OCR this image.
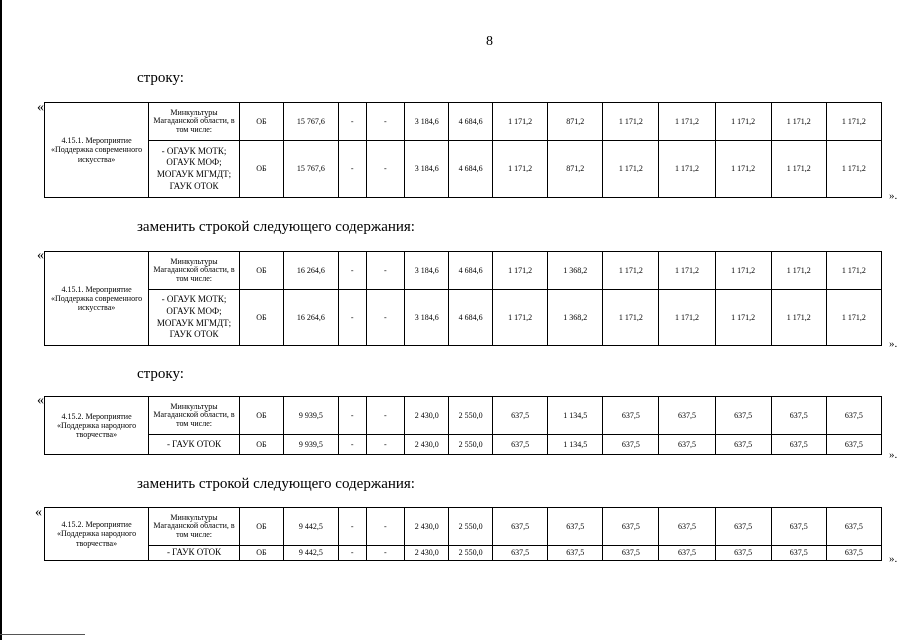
8
строку:
«
4.15.1. Мероприятие «Поддержка современного искусства»	Минкультуры Магаданской области, в том числе:	ОБ	15 767,6	-	-	3 184,6	4 684,6	1 171,2	871,2	1 171,2	1 171,2	1 171,2	1 171,2	1 171,2
	- ОГАУК МОТК; ОГАУК МОФ; МОГАУК МГМДТ; ГАУК ОТОК	ОБ	15 767,6	-	-	3 184,6	4 684,6	1 171,2	871,2	1 171,2	1 171,2	1 171,2	1 171,2	1 171,2
».
заменить строкой следующего содержания:
«
4.15.1. Мероприятие «Поддержка современного искусства»	Минкультуры Магаданской области, в том числе:	ОБ	16 264,6	-	-	3 184,6	4 684,6	1 171,2	1 368,2	1 171,2	1 171,2	1 171,2	1 171,2	1 171,2
	- ОГАУК МОТК; ОГАУК МОФ; МОГАУК МГМДТ; ГАУК ОТОК	ОБ	16 264,6	-	-	3 184,6	4 684,6	1 171,2	1 368,2	1 171,2	1 171,2	1 171,2	1 171,2	1 171,2
».
строку:
«
4.15.2. Мероприятие «Поддержка народного творчества»	Минкультуры Магаданской области, в том числе:	ОБ	9 939,5	-	-	2 430,0	2 550,0	637,5	1 134,5	637,5	637,5	637,5	637,5	637,5
	- ГАУК ОТОК	ОБ	9 939,5	-	-	2 430,0	2 550,0	637,5	1 134,5	637,5	637,5	637,5	637,5	637,5
».
заменить строкой следующего содержания:
«
4.15.2. Мероприятие «Поддержка народного творчества»	Минкультуры Магаданской области, в том числе:	ОБ	9 442,5	-	-	2 430,0	2 550,0	637,5	637,5	637,5	637,5	637,5	637,5	637,5
	- ГАУК ОТОК	ОБ	9 442,5	-	-	2 430,0	2 550,0	637,5	637,5	637,5	637,5	637,5	637,5	637,5
».
